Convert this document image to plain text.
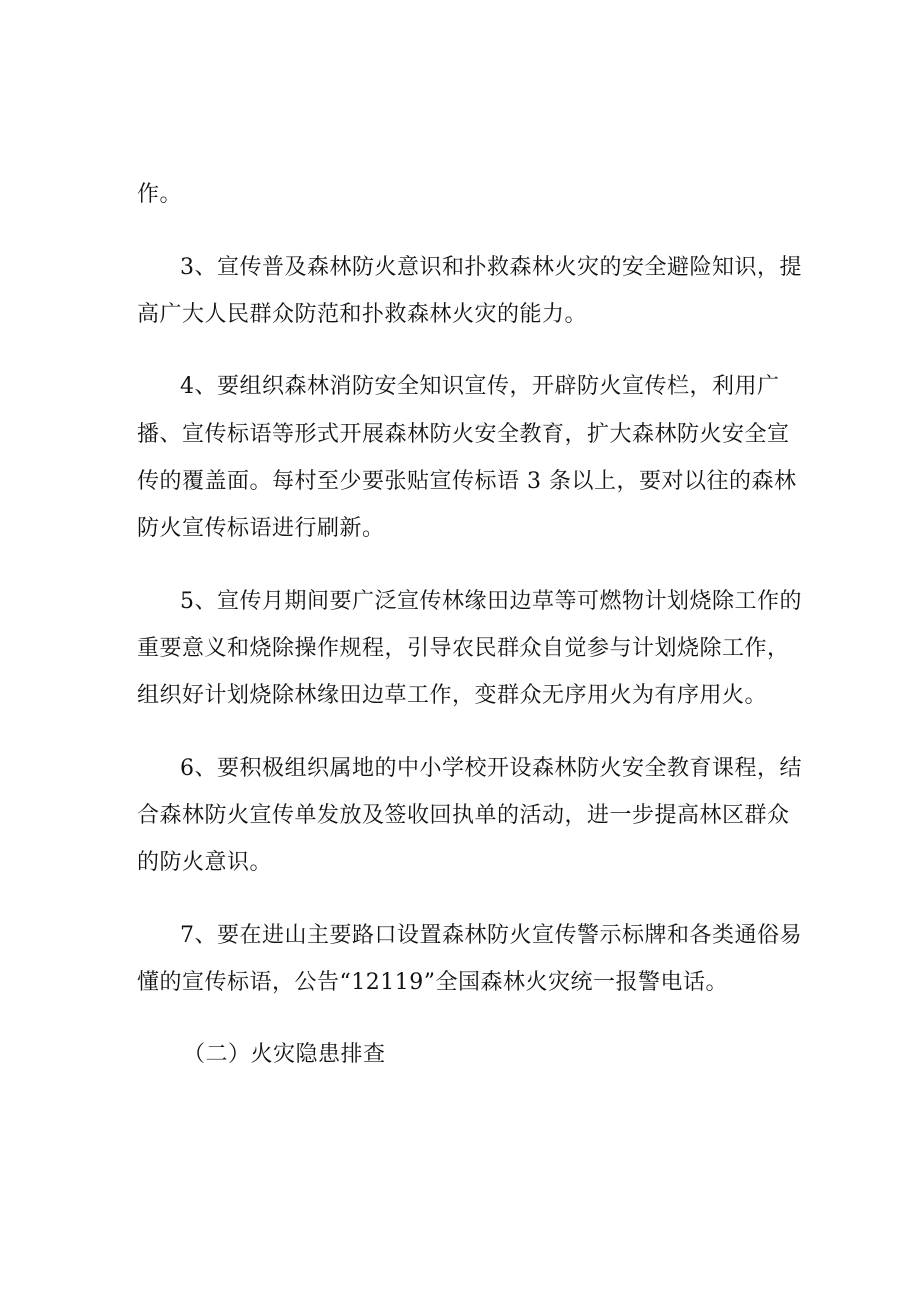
作。
3、宣传普及森林防火意识和扑救森林火灾的安全避险知识，提
高广大人民群众防范和扑救森林火灾的能力。
4、要组织森林消防安全知识宣传，开辟防火宣传栏，利用广
播、宣传标语等形式开展森林防火安全教育，扩大森林防火安全宣
传的覆盖面。每村至少要张贴宣传标语 3 条以上，要对以往的森林
防火宣传标语进行刷新。
5、宣传月期间要广泛宣传林缘田边草等可燃物计划烧除工作的
重要意义和烧除操作规程，引导农民群众自觉参与计划烧除工作，
组织好计划烧除林缘田边草工作，变群众无序用火为有序用火。
6、要积极组织属地的中小学校开设森林防火安全教育课程，结
合森林防火宣传单发放及签收回执单的活动，进一步提高林区群众
的防火意识。
7、要在进山主要路口设置森林防火宣传警示标牌和各类通俗易
懂的宣传标语，公告“12119”全国森林火灾统一报警电话。
（二）火灾隐患排查
